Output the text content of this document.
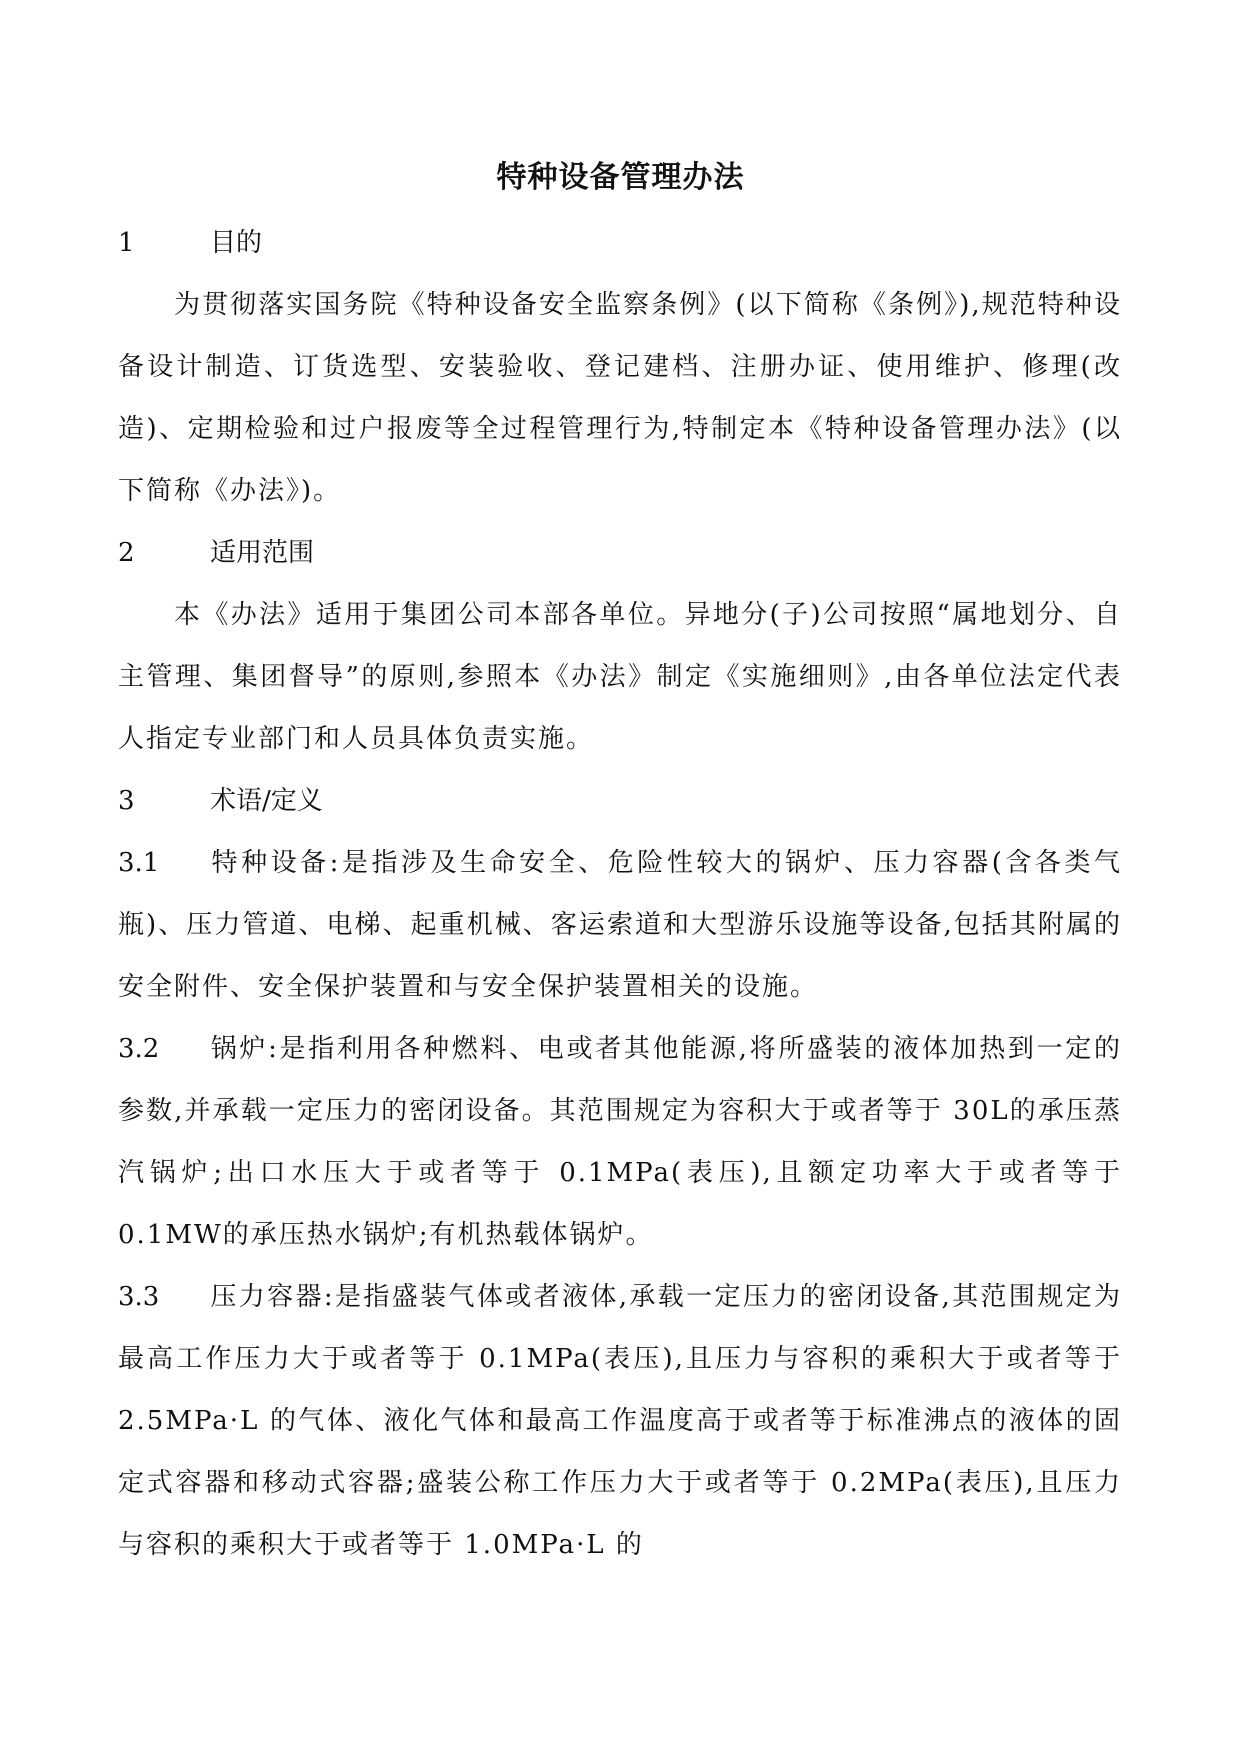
特种设备管理办法
1	目的

为贯彻落实国务院《特种设备安全监察条例》(以下简称《条例》),规范特种设备设计制造、订货选型、安装验收、登记建档、注册办证、使用维护、修理(改造)、定期检验和过户报废等全过程管理行为,特制定本《特种设备管理办法》(以下简称《办法》)。

2	适用范围

本《办法》适用于集团公司本部各单位。异地分(子)公司按照“属地划分、自主管理、集团督导”的原则,参照本《办法》制定《实施细则》,由各单位法定代表人指定专业部门和人员具体负责实施。

3	术语/定义

3.1 特种设备:是指涉及生命安全、危险性较大的锅炉、压力容器(含各类气瓶)、压力管道、电梯、起重机械、客运索道和大型游乐设施等设备,包括其附属的安全附件、安全保护装置和与安全保护装置相关的设施。

3.2 锅炉:是指利用各种燃料、电或者其他能源,将所盛装的液体加热到一定的参数,并承载一定压力的密闭设备。其范围规定为容积大于或者等于 30L的承压蒸汽锅炉;出口水压大于或者等于 0.1MPa(表压),且额定功率大于或者等于 0.1MW的承压热水锅炉;有机热载体锅炉。

3.3 压力容器:是指盛装气体或者液体,承载一定压力的密闭设备,其范围规定为最高工作压力大于或者等于 0.1MPa(表压),且压力与容积的乘积大于或者等于 2.5MPa·L 的气体、液化气体和最高工作温度高于或者等于标准沸点的液体的固定式容器和移动式容器;盛装公称工作压力大于或者等于 0.2MPa(表压),且压力与容积的乘积大于或者等于 1.0MPa·L 的
